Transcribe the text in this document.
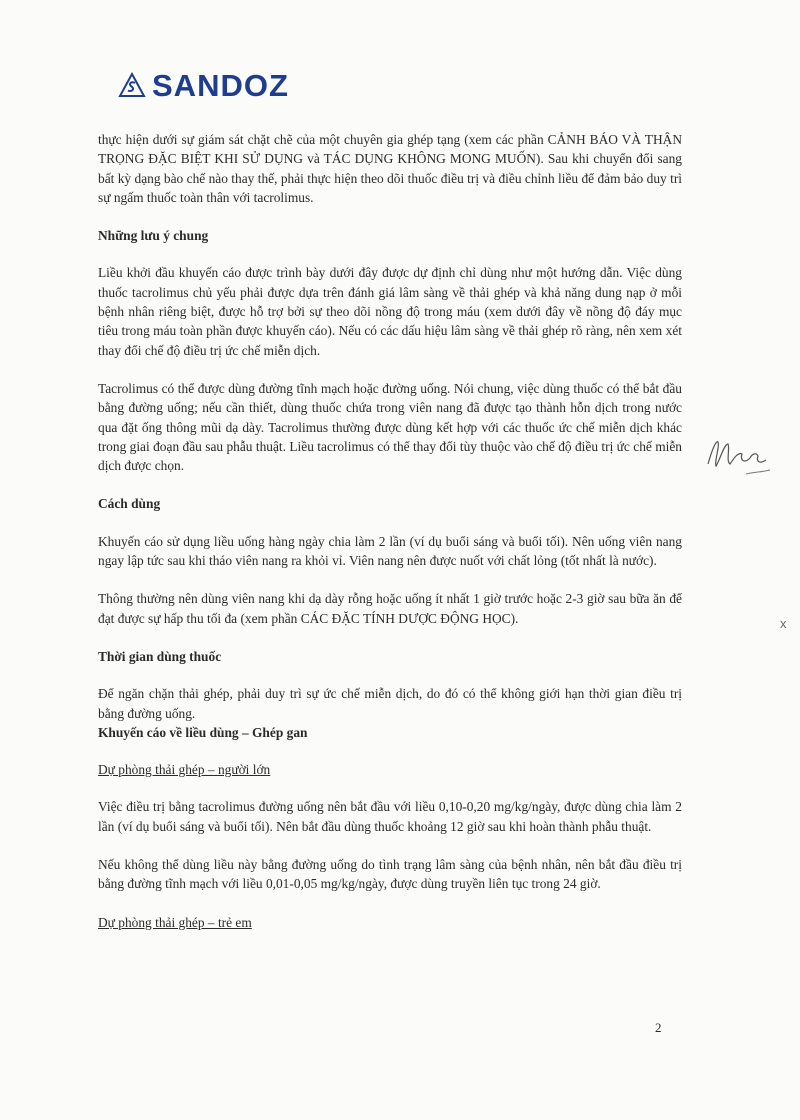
SANDOZ

thực hiện dưới sự giám sát chặt chẽ của một chuyên gia ghép tạng (xem các phần CẢNH BÁO VÀ THẬN TRỌNG ĐẶC BIỆT KHI SỬ DỤNG và TÁC DỤNG KHÔNG MONG MUỐN). Sau khi chuyển đổi sang bất kỳ dạng bào chế nào thay thế, phải thực hiện theo dõi thuốc điều trị và điều chỉnh liều để đảm bảo duy trì sự ngấm thuốc toàn thân với tacrolimus.

Những lưu ý chung

Liều khởi đầu khuyến cáo được trình bày dưới đây được dự định chỉ dùng như một hướng dẫn. Việc dùng thuốc tacrolimus chủ yếu phải được dựa trên đánh giá lâm sàng về thải ghép và khả năng dung nạp ở mỗi bệnh nhân riêng biệt, được hỗ trợ bởi sự theo dõi nồng độ trong máu (xem dưới đây về nồng độ đáy mục tiêu trong máu toàn phần được khuyến cáo). Nếu có các dấu hiệu lâm sàng về thải ghép rõ ràng, nên xem xét thay đổi chế độ điều trị ức chế miễn dịch.

Tacrolimus có thể được dùng đường tĩnh mạch hoặc đường uống. Nói chung, việc dùng thuốc có thể bắt đầu bằng đường uống; nếu cần thiết, dùng thuốc chứa trong viên nang đã được tạo thành hỗn dịch trong nước qua đặt ống thông mũi dạ dày. Tacrolimus thường được dùng kết hợp với các thuốc ức chế miễn dịch khác trong giai đoạn đầu sau phẫu thuật. Liều tacrolimus có thể thay đổi tùy thuộc vào chế độ điều trị ức chế miễn dịch được chọn.

Cách dùng

Khuyến cáo sử dụng liều uống hàng ngày chia làm 2 lần (ví dụ buổi sáng và buổi tối). Nên uống viên nang ngay lập tức sau khi tháo viên nang ra khỏi vỉ. Viên nang nên được nuốt với chất lỏng (tốt nhất là nước).

Thông thường nên dùng viên nang khi dạ dày rỗng hoặc uống ít nhất 1 giờ trước hoặc 2-3 giờ sau bữa ăn để đạt được sự hấp thu tối đa (xem phần CÁC ĐẶC TÍNH DƯỢC ĐỘNG HỌC).

Thời gian dùng thuốc

Để ngăn chặn thải ghép, phải duy trì sự ức chế miễn dịch, do đó có thể không giới hạn thời gian điều trị bằng đường uống.

Khuyến cáo về liều dùng – Ghép gan

Dự phòng thải ghép – người lớn

Việc điều trị bằng tacrolimus đường uống nên bắt đầu với liều 0,10-0,20 mg/kg/ngày, được dùng chia làm 2 lần (ví dụ buổi sáng và buổi tối). Nên bắt đầu dùng thuốc khoảng 12 giờ sau khi hoàn thành phẫu thuật.

Nếu không thể dùng liều này bằng đường uống do tình trạng lâm sàng của bệnh nhân, nên bắt đầu điều trị bằng đường tĩnh mạch với liều 0,01-0,05 mg/kg/ngày, được dùng truyền liên tục trong 24 giờ.

Dự phòng thải ghép – trẻ em

x
2
